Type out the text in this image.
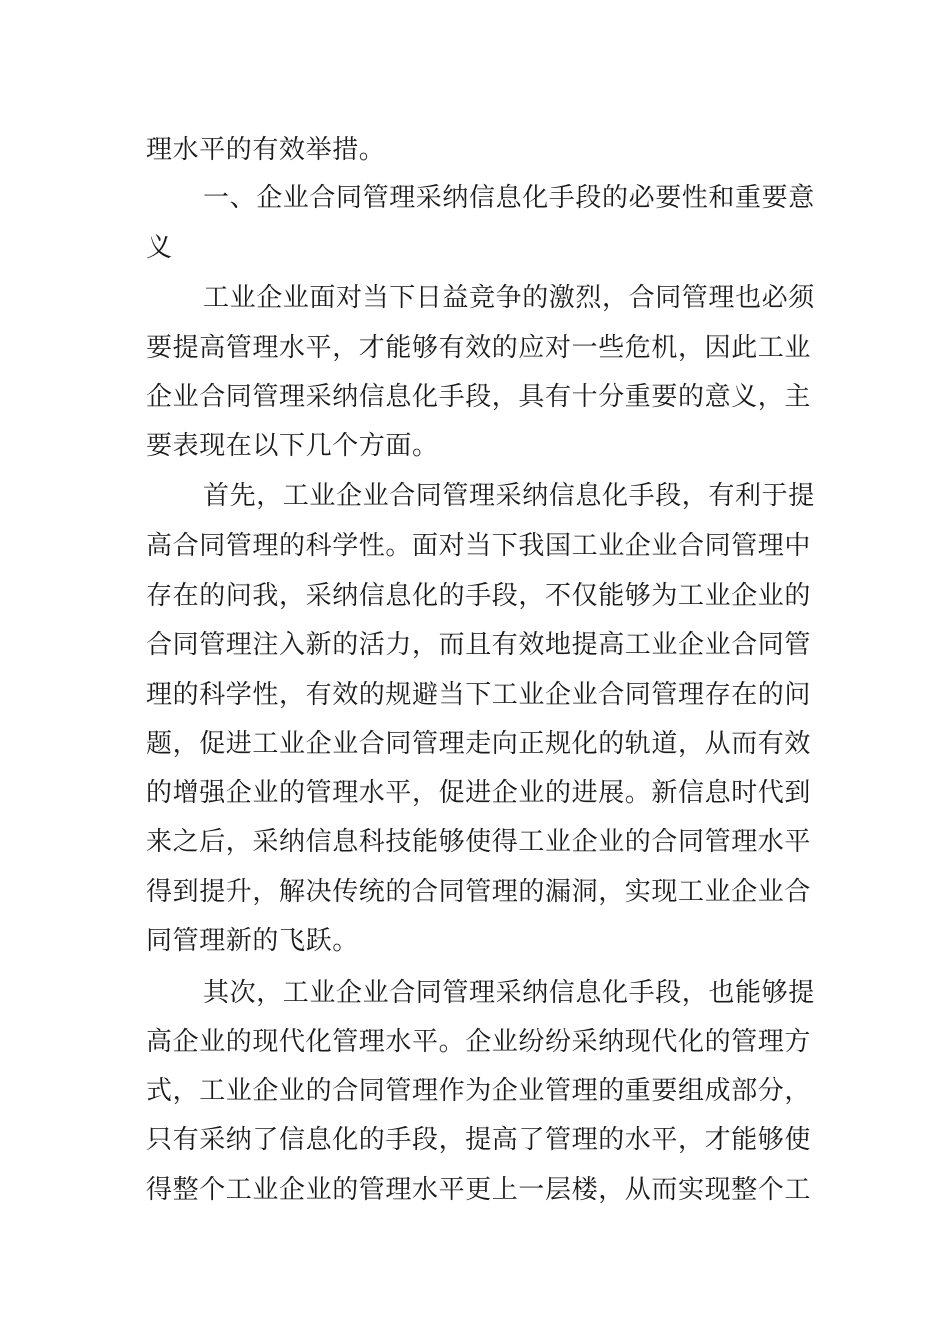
理水平的有效举措。
一、企业合同管理采纳信息化手段的必要性和重要意
义
工业企业面对当下日益竞争的激烈，合同管理也必须
要提高管理水平，才能够有效的应对一些危机，因此工业
企业合同管理采纳信息化手段，具有十分重要的意义，主
要表现在以下几个方面。
首先，工业企业合同管理采纳信息化手段，有利于提
高合同管理的科学性。面对当下我国工业企业合同管理中
存在的问我，采纳信息化的手段，不仅能够为工业企业的
合同管理注入新的活力，而且有效地提高工业企业合同管
理的科学性，有效的规避当下工业企业合同管理存在的问
题，促进工业企业合同管理走向正规化的轨道，从而有效
的增强企业的管理水平，促进企业的进展。新信息时代到
来之后，采纳信息科技能够使得工业企业的合同管理水平
得到提升，解决传统的合同管理的漏洞，实现工业企业合
同管理新的飞跃。
其次，工业企业合同管理采纳信息化手段，也能够提
高企业的现代化管理水平。企业纷纷采纳现代化的管理方
式，工业企业的合同管理作为企业管理的重要组成部分，
只有采纳了信息化的手段，提高了管理的水平，才能够使
得整个工业企业的管理水平更上一层楼，从而实现整个工
